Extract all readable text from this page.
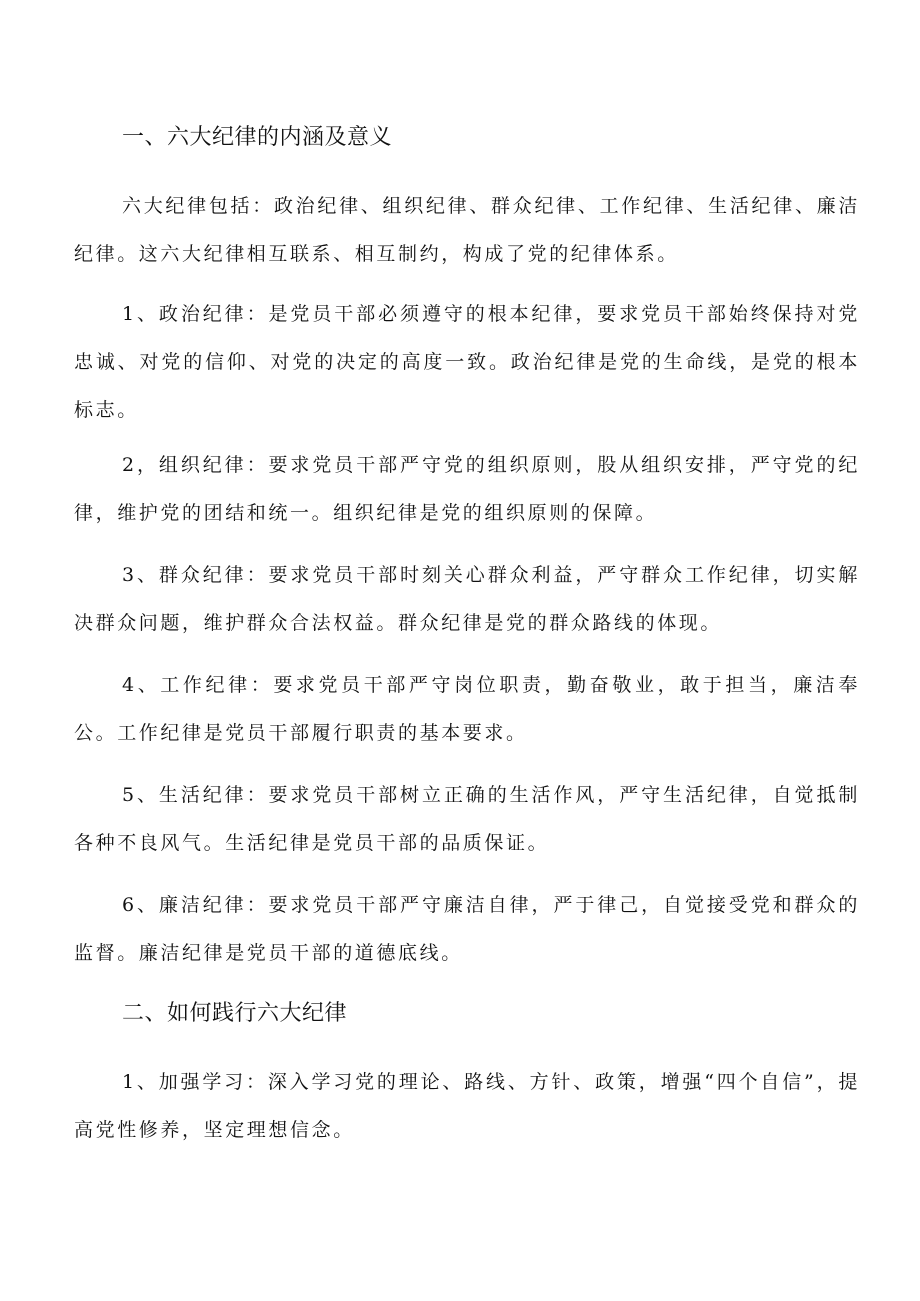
一、六大纪律的内涵及意义

六大纪律包括：政治纪律、组织纪律、群众纪律、工作纪律、生活纪律、廉洁纪律。这六大纪律相互联系、相互制约，构成了党的纪律体系。

1、政治纪律：是党员干部必须遵守的根本纪律，要求党员干部始终保持对党忠诚、对党的信仰、对党的决定的高度一致。政治纪律是党的生命线，是党的根本标志。

2，组织纪律：要求党员干部严守党的组织原则，股从组织安排，严守党的纪律，维护党的团结和统一。组织纪律是党的组织原则的保障。

3、群众纪律：要求党员干部时刻关心群众利益，严守群众工作纪律，切实解决群众问题，维护群众合法权益。群众纪律是党的群众路线的体现。

4、工作纪律：要求党员干部严守岗位职责，勤奋敬业，敢于担当，廉洁奉公。工作纪律是党员干部履行职责的基本要求。

5、生活纪律：要求党员干部树立正确的生活作风，严守生活纪律，自觉抵制各种不良风气。生活纪律是党员干部的品质保证。

6、廉洁纪律：要求党员干部严守廉洁自律，严于律己，自觉接受党和群众的监督。廉洁纪律是党员干部的道德底线。

二、如何践行六大纪律

1、加强学习：深入学习党的理论、路线、方针、政策，增强“四个自信”，提高党性修养，坚定理想信念。
